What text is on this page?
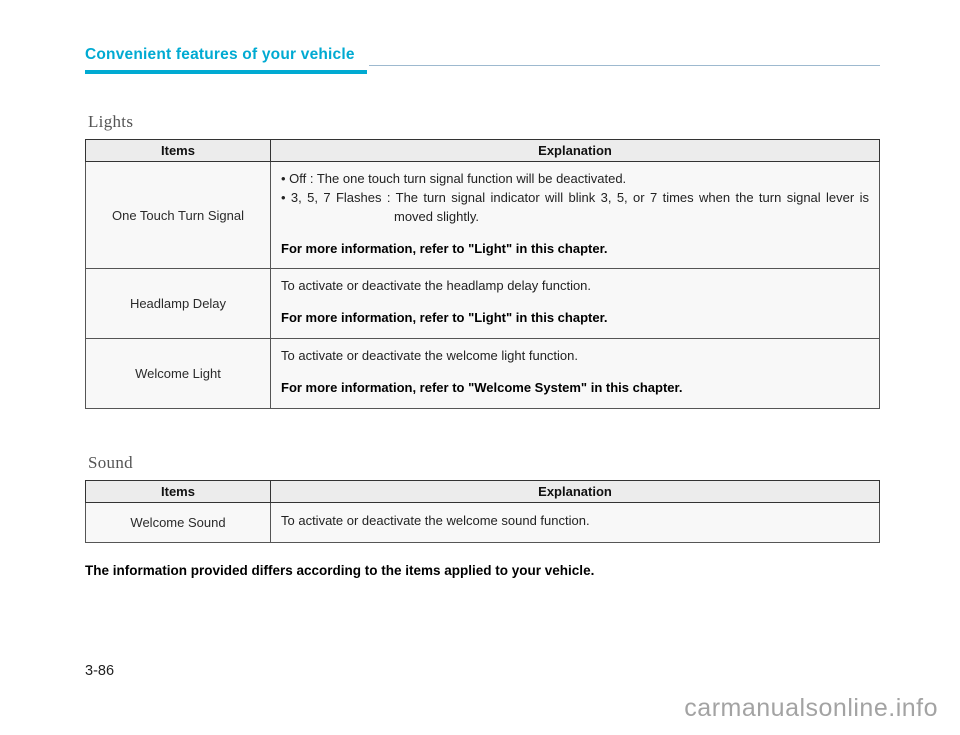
Convenient features of your vehicle
Lights
Items	Explanation
One Touch Turn Signal	• Off : The one touch turn signal function will be deactivated.
• 3, 5, 7 Flashes : The turn signal indicator will blink 3, 5, or 7 times when the turn signal lever is moved slightly.
For more information, refer to "Light" in this chapter.

Headlamp Delay	To activate or deactivate the headlamp delay function.
For more information, refer to "Light" in this chapter.

Welcome Light	To activate or deactivate the welcome light function.
For more information, refer to "Welcome System" in this chapter.
Sound
Items	Explanation
Welcome Sound	To activate or deactivate the welcome sound function.
The information provided differs according to the items applied to your vehicle.
3-86
carmanualsonline.info
